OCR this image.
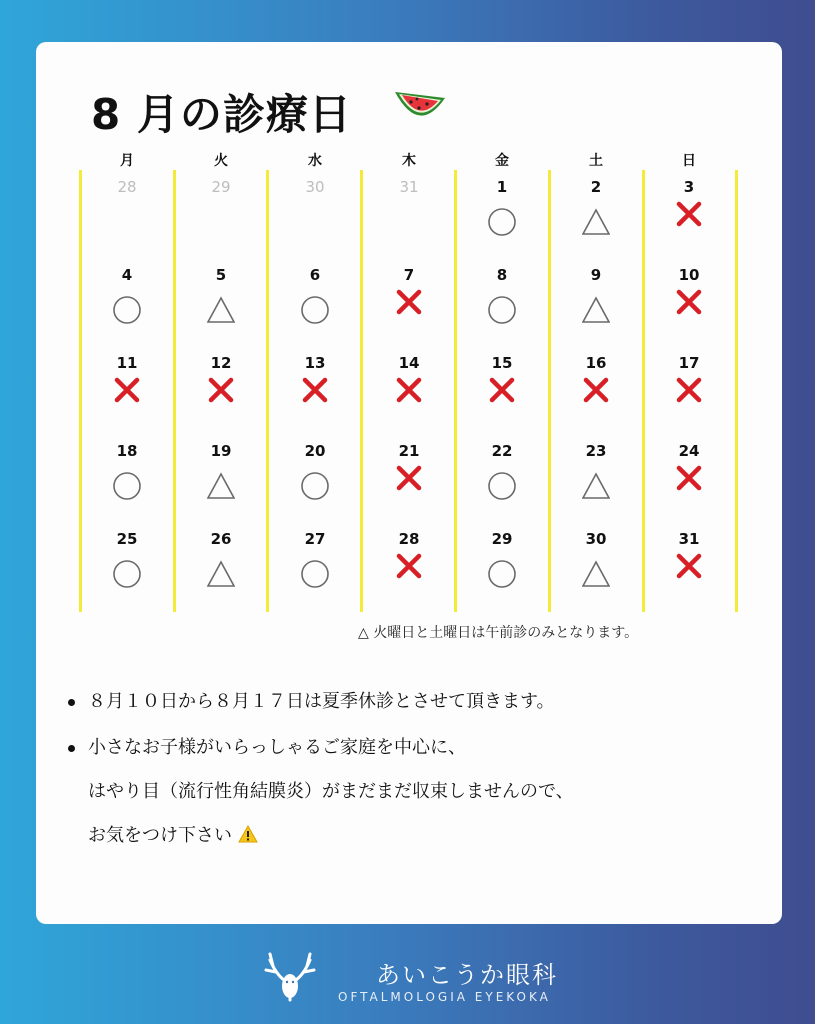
8 月の診療日
月	火	水	木	金	土	日
28	29	30	31	1	2	3
4	5	6	7	8	9	10
11	12	13	14	15	16	17
18	19	20	21	22	23	24
25	26	27	28	29	30	31
△ 火曜日と土曜日は午前診のみとなります。
８月１０日から８月１７日は夏季休診とさせて頂きます。
小さなお子様がいらっしゃるご家庭を中心に、
はやり目（流行性角結膜炎）がまだまだ収束しませんので、
お気をつけ下さい
あいこうか眼科
OFTALMOLOGIA EYEKOKA
